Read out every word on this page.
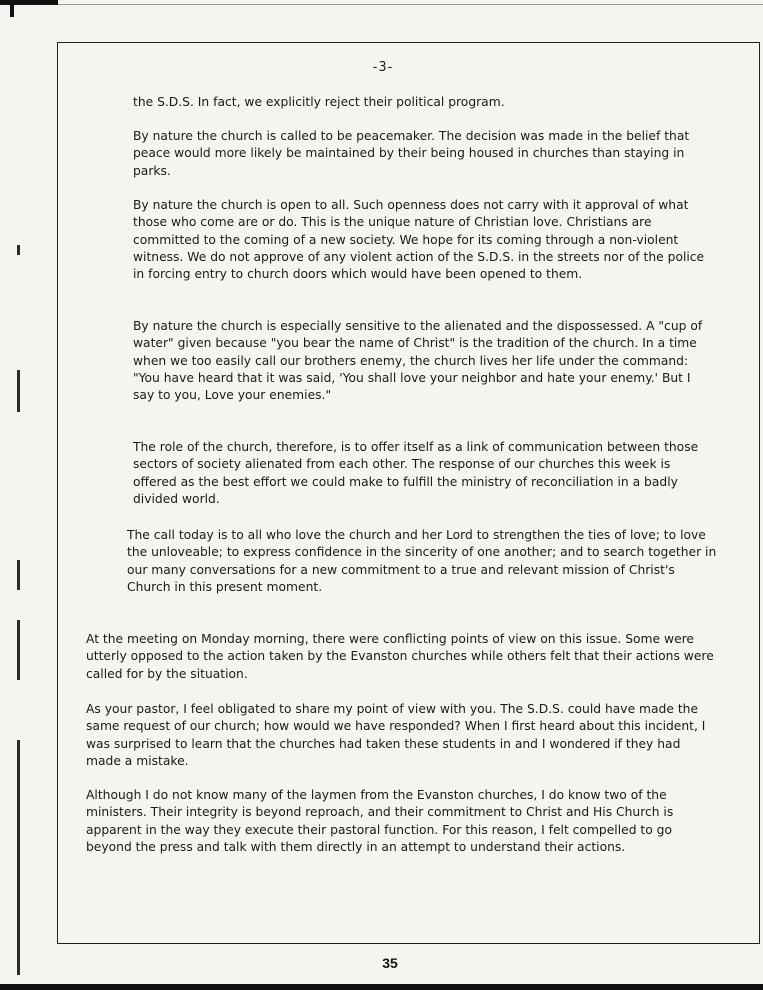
-3-

the S.D.S. In fact, we explicitly reject their political program.

By nature the church is called to be peacemaker. The decision was made in the belief that peace would more likely be maintained by their being housed in churches than staying in parks.

By nature the church is open to all. Such openness does not carry with it approval of what those who come are or do. This is the unique nature of Christian love. Christians are committed to the coming of a new society. We hope for its coming through a non-violent witness. We do not approve of any violent action of the S.D.S. in the streets nor of the police in forcing entry to church doors which would have been opened to them.

By nature the church is especially sensitive to the alienated and the dispossessed. A "cup of water" given because "you bear the name of Christ" is the tradition of the church. In a time when we too easily call our brothers enemy, the church lives her life under the command: "You have heard that it was said, 'You shall love your neighbor and hate your enemy.' But I say to you, Love your enemies."

The role of the church, therefore, is to offer itself as a link of communication between those sectors of society alienated from each other. The response of our churches this week is offered as the best effort we could make to fulfill the ministry of reconciliation in a badly divided world.

The call today is to all who love the church and her Lord to strengthen the ties of love; to love the unloveable; to express confidence in the sincerity of one another; and to search together in our many conversations for a new commitment to a true and relevant mission of Christ's Church in this present moment.

At the meeting on Monday morning, there were conflicting points of view on this issue. Some were utterly opposed to the action taken by the Evanston churches while others felt that their actions were called for by the situation.

As your pastor, I feel obligated to share my point of view with you. The S.D.S. could have made the same request of our church; how would we have responded? When I first heard about this incident, I was surprised to learn that the churches had taken these students in and I wondered if they had made a mistake.

Although I do not know many of the laymen from the Evanston churches, I do know two of the ministers. Their integrity is beyond reproach, and their commitment to Christ and His Church is apparent in the way they execute their pastoral function. For this reason, I felt compelled to go beyond the press and talk with them directly in an attempt to understand their actions.

35
